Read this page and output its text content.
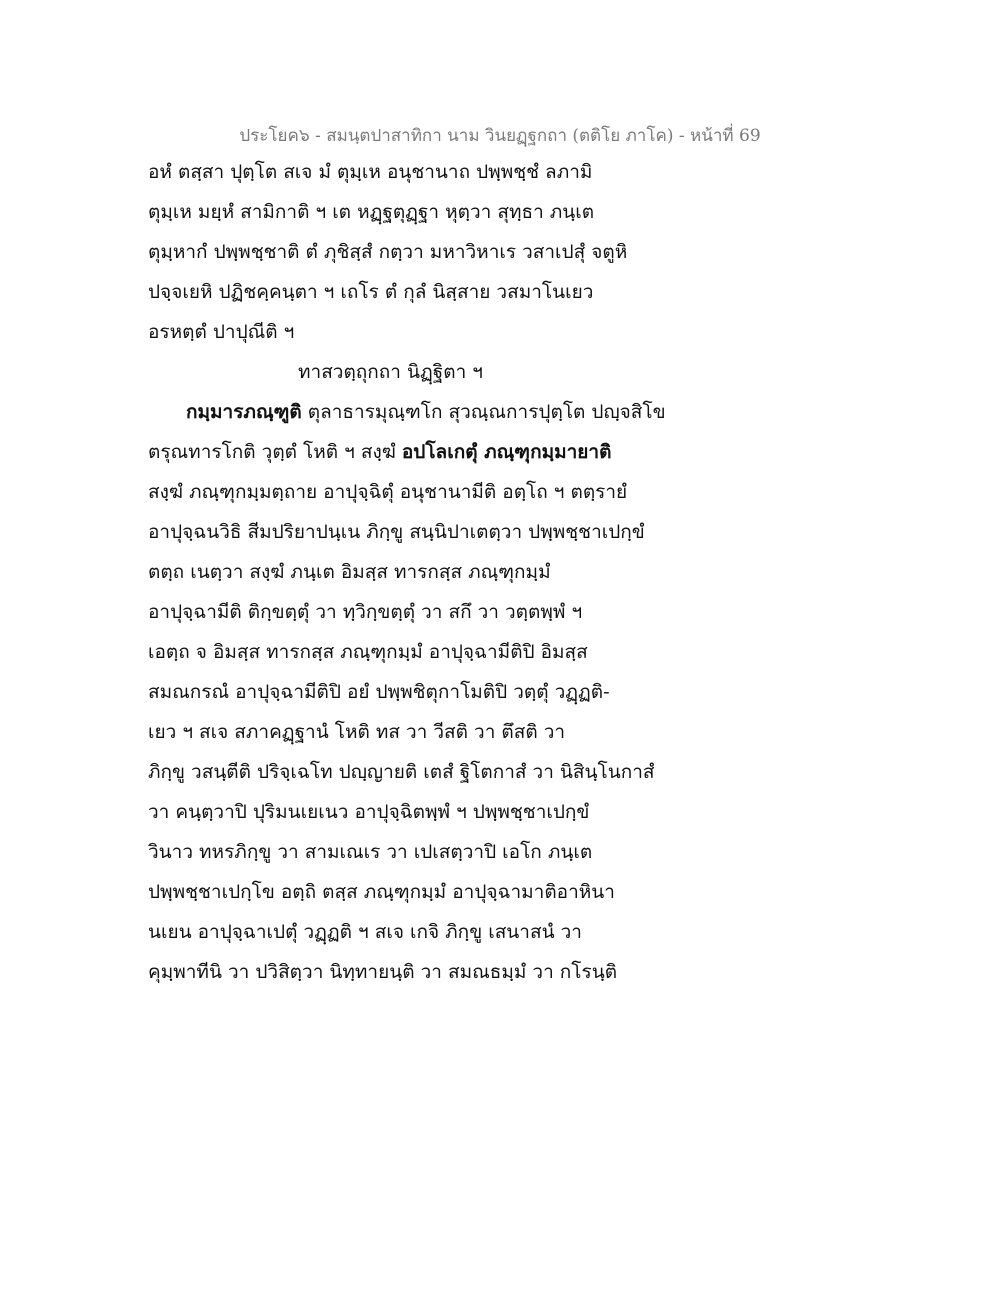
ประโยค๖ - สมนฺตปาสาทิกา นาม วินยฏฺฐกถา (ตติโย ภาโค) - หน้าที่ 69
อหํ ตสฺสา ปุตฺโต สเจ มํ ตุมฺเห อนุชานาถ ปพฺพชฺชํ ลภามิ
ตุมฺเห มยฺหํ สามิกาติ ฯ เต หฏฺฐตุฏฺฐา หุตฺวา สุทฺธา ภนฺเต
ตุมฺหากํ ปพฺพชฺชาติ ตํ ภุชิสฺสํ กตฺวา มหาวิหาเร วสาเปสุํ จตูหิ
ปจฺจเยหิ ปฏิชคฺคนฺตา ฯ เถโร ตํ กุลํ นิสฺสาย วสมาโนเยว
อรหตฺตํ ปาปุณีติ ฯ
ทาสวตฺถุกถา นิฏฺฐิตา ฯ
กมฺมารภณฺฑูติ ตุลาธารมุณฺฑโก สุวณฺณการปุตฺโต ปญฺจสิโข
ตรุณทารโกติ วุตฺตํ โหติ ฯ สงฺฆํ อปโลเกตุํ ภณฺฑุกมฺมายาติ
สงฺฆํ ภณฺฑุกมฺมตฺถาย อาปุจฺฉิตุํ อนุชานามีติ อตฺโถ ฯ ตตฺรายํ
อาปุจฺฉนวิธิ สีมปริยาปนฺเน ภิกฺขู สนฺนิปาเตตฺวา ปพฺพชฺชาเปกฺขํ
ตตฺถ เนตฺวา สงฺฆํ ภนฺเต อิมสฺส ทารกสฺส ภณฺฑุกมฺมํ
อาปุจฺฉามีติ ติกฺขตฺตุํ วา ทฺวิกฺขตฺตุํ วา สกึ วา วตฺตพฺพํ ฯ
เอตฺถ จ อิมสฺส ทารกสฺส ภณฺฑุกมฺมํ อาปุจฺฉามีติปิ อิมสฺส
สมณกรณํ อาปุจฺฉามีติปิ อยํ ปพฺพชิตุกาโมติปิ วตฺตุํ วฏฺฏติ-
เยว ฯ สเจ สภาคฏฺฐานํ โหติ ทส วา วีสติ วา ตึสติ วา
ภิกฺขู วสนฺตีติ ปริจฺเฉโท ปญฺญายติ เตสํ ฐิโตกาสํ วา นิสินฺโนกาสํ
วา คนฺตฺวาปิ ปุริมนเยเนว อาปุจฺฉิตพฺพํ ฯ ปพฺพชฺชาเปกฺขํ
วินาว ทหรภิกฺขู วา สามเณเร วา เปเสตฺวาปิ เอโก ภนฺเต
ปพฺพชฺชาเปกฺโข อตฺถิ ตสฺส ภณฺฑุกมฺมํ อาปุจฺฉามาติอาหินา
นเยน อาปุจฺฉาเปตุํ วฏฺฏติ ฯ สเจ เกจิ ภิกฺขู เสนาสนํ วา
คุมฺพาทีนิ วา ปวิสิตฺวา นิทฺทายนฺติ วา สมณธมฺมํ วา กโรนฺติ
